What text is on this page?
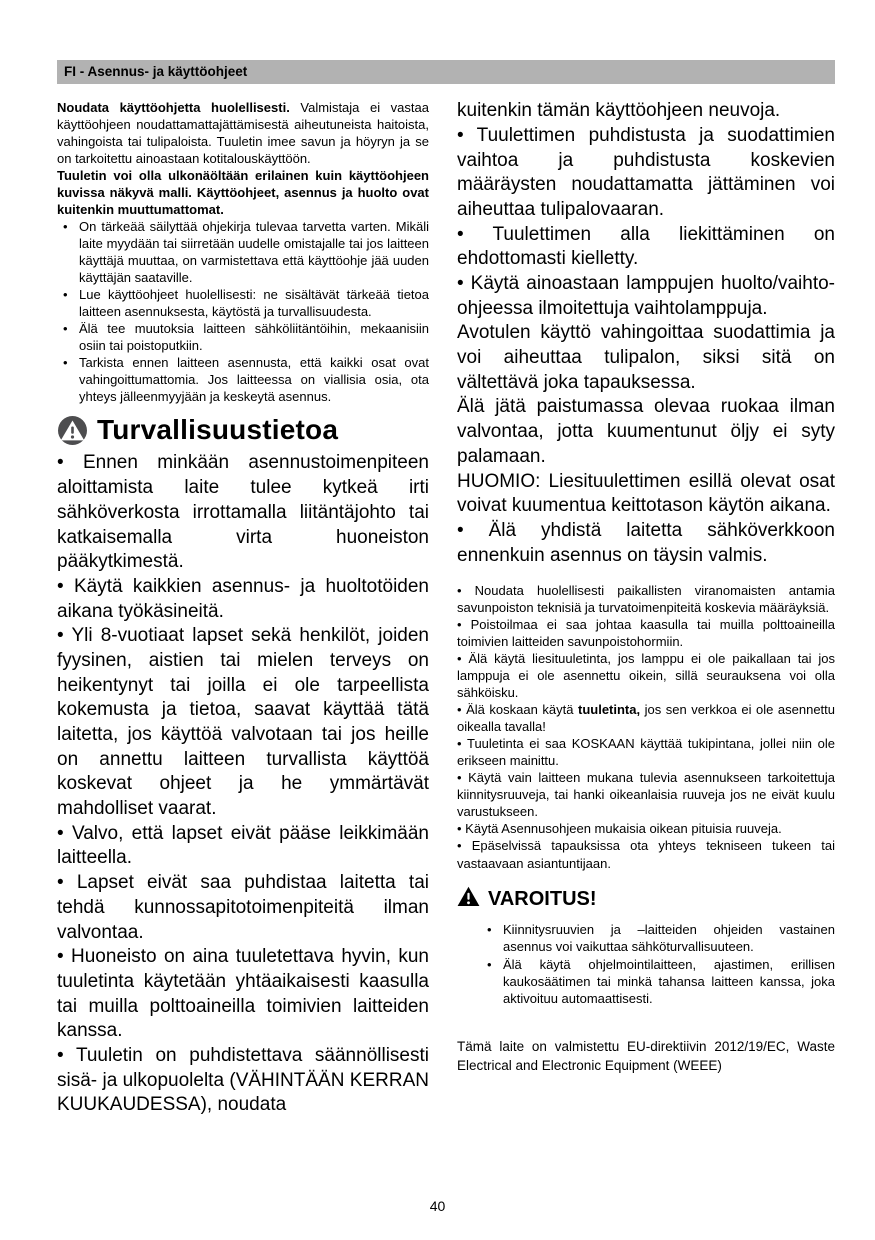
FI - Asennus- ja käyttöohjeet

Noudata käyttöohjetta huolellisesti. Valmistaja ei vastaa käyttöohjeen noudattamattajättämisestä aiheutuneista haitoista, vahingoista tai tulipaloista. Tuuletin imee savun ja höyryn ja se on tarkoitettu ainoastaan kotitalouskäyttöön.

Tuuletin voi olla ulkonäöltään erilainen kuin käyttöohjeen kuvissa näkyvä malli. Käyttöohjeet, asennus ja huolto ovat kuitenkin muuttumattomat.

• On tärkeää säilyttää ohjekirja tulevaa tarvetta varten. Mikäli laite myydään tai siirretään uudelle omistajalle tai jos laitteen käyttäjä muuttaa, on varmistettava että käyttöohje jää uuden käyttäjän saataville.
• Lue käyttöohjeet huolellisesti: ne sisältävät tärkeää tietoa laitteen asennuksesta, käytöstä ja turvallisuudesta.
• Älä tee muutoksia laitteen sähköliitäntöihin, mekaanisiin osiin tai poistoputkiin.
• Tarkista ennen laitteen asennusta, että kaikki osat ovat vahingoittumattomia. Jos laitteessa on viallisia osia, ota yhteys jälleenmyyjään ja keskeytä asennus.
Turvallisuustietoa

• Ennen minkään asennustoimenpiteen aloittamista laite tulee kytkeä irti sähköverkosta irrottamalla liitäntäjohto tai katkaisemalla virta huoneiston pääkytkimestä.

• Käytä kaikkien asennus- ja huoltotöiden aikana työkäsineitä.

• Yli 8-vuotiaat lapset sekä henkilöt, joiden fyysinen, aistien tai mielen terveys on heikentynyt tai joilla ei ole tarpeellista kokemusta ja tietoa, saavat käyttää tätä laitetta, jos käyttöä valvotaan tai jos heille on annettu laitteen turvallista käyttöä koskevat ohjeet ja he ymmärtävät mahdolliset vaarat.

• Valvo, että lapset eivät pääse leikkimään laitteella.

• Lapset eivät saa puhdistaa laitetta tai tehdä kunnossapitotoimenpiteitä ilman valvontaa.

• Huoneisto on aina tuuletettava hyvin, kun tuuletinta käytetään yhtäaikaisesti kaasulla tai muilla polttoaineilla toimivien laitteiden kanssa.

• Tuuletin on puhdistettava säännöllisesti sisä- ja ulkopuolelta (VÄHINTÄÄN KERRAN KUUKAUDESSA), noudata

kuitenkin tämän käyttöohjeen neuvoja.

• Tuulettimen puhdistusta ja suodattimien vaihtoa ja puhdistusta koskevien määräysten noudattamatta jättäminen voi aiheuttaa tulipalovaaran.

• Tuulettimen alla liekittäminen on ehdottomasti kielletty.

• Käytä ainoastaan lamppujen huolto/vaihto-ohjeessa ilmoitettuja vaihtolamppuja.

Avotulen käyttö vahingoittaa suodattimia ja voi aiheuttaa tulipalon, siksi sitä on vältettävä joka tapauksessa.

Älä jätä paistumassa olevaa ruokaa ilman valvontaa, jotta kuumentunut öljy ei syty palamaan.

HUOMIO: Liesituulettimen esillä olevat osat voivat kuumentua keittotason käytön aikana.

• Älä yhdistä laitetta sähköverkkoon ennenkuin asennus on täysin valmis.

• Noudata huolellisesti paikallisten viranomaisten antamia savunpoiston teknisiä ja turvatoimenpiteitä koskevia määräyksiä.

• Poistoilmaa ei saa johtaa kaasulla tai muilla polttoaineilla toimivien laitteiden savunpoistohormiin.

• Älä käytä liesituuletinta, jos lamppu ei ole paikallaan tai jos lamppuja ei ole asennettu oikein, sillä seurauksena voi olla sähköisku.

• Älä koskaan käytä tuuletinta, jos sen verkkoa ei ole asennettu oikealla tavalla!

• Tuuletinta ei saa KOSKAAN käyttää tukipintana, jollei niin ole erikseen mainittu.

• Käytä vain laitteen mukana tulevia asennukseen tarkoitettuja kiinnitysruuveja, tai hanki oikeanlaisia ruuveja jos ne eivät kuulu varustukseen.

• Käytä Asennusohjeen mukaisia oikean pituisia ruuveja.

• Epäselvissä tapauksissa ota yhteys tekniseen tukeen tai vastaavaan asiantuntijaan.

VAROITUS!
• Kiinnitysruuvien ja –laitteiden ohjeiden vastainen asennus voi vaikuttaa sähköturvallisuuteen.
• Älä käytä ohjelmointilaitteen, ajastimen, erillisen kaukosäätimen tai minkä tahansa laitteen kanssa, joka aktivoituu automaattisesti.

Tämä laite on valmistettu EU-direktiivin 2012/19/EC, Waste Electrical and Electronic Equipment (WEEE)

40
